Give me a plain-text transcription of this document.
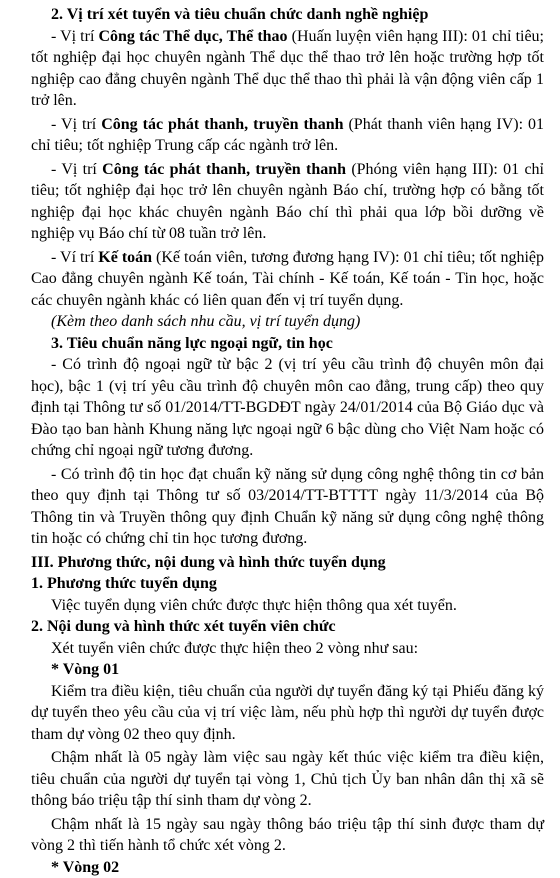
2. Vị trí xét tuyển và tiêu chuẩn chức danh nghề nghiệp

- Vị trí Công tác Thể dục, Thể thao (Huấn luyện viên hạng III): 01 chỉ tiêu; tốt nghiệp đại học chuyên ngành Thể dục thể thao trở lên hoặc trường hợp tốt nghiệp cao đẳng chuyên ngành Thể dục thể thao thì phải là vận động viên cấp 1 trở lên.

- Vị trí Công tác phát thanh, truyền thanh (Phát thanh viên hạng IV): 01 chỉ tiêu; tốt nghiệp Trung cấp các ngành trở lên.

- Vị trí Công tác phát thanh, truyền thanh (Phóng viên hạng III): 01 chỉ tiêu; tốt nghiệp đại học trở lên chuyên ngành Báo chí, trường hợp có bằng tốt nghiệp đại học khác chuyên ngành Báo chí thì phải qua lớp bồi dưỡng về nghiệp vụ Báo chí từ 08 tuần trở lên.

- Ví trí Kế toán (Kế toán viên, tương đương hạng IV): 01 chỉ tiêu; tốt nghiệp Cao đẳng chuyên ngành Kế toán, Tài chính - Kế toán, Kế toán - Tin học, hoặc các chuyên ngành khác có liên quan đến vị trí tuyển dụng.

(Kèm theo danh sách nhu cầu, vị trí tuyển dụng)

3. Tiêu chuẩn năng lực ngoại ngữ, tin học

- Có trình độ ngoại ngữ từ bậc 2 (vị trí yêu cầu trình độ chuyên môn đại học), bậc 1 (vị trí yêu cầu trình độ chuyên môn cao đẳng, trung cấp) theo quy định tại Thông tư số 01/2014/TT-BGDĐT ngày 24/01/2014 của Bộ Giáo dục và Đào tạo ban hành Khung năng lực ngoại ngữ 6 bậc dùng cho Việt Nam hoặc có chứng chỉ ngoại ngữ tương đương.

- Có trình độ tin học đạt chuẩn kỹ năng sử dụng công nghệ thông tin cơ bản theo quy định tại Thông tư số 03/2014/TT-BTTTT ngày 11/3/2014 của Bộ Thông tin và Truyền thông quy định Chuẩn kỹ năng sử dụng công nghệ thông tin hoặc có chứng chỉ tin học tương đương.

III. Phương thức, nội dung và hình thức tuyển dụng

1. Phương thức tuyển dụng

Việc tuyển dụng viên chức được thực hiện thông qua xét tuyển.

2. Nội dung và hình thức xét tuyển viên chức

Xét tuyển viên chức được thực hiện theo 2 vòng như sau:

* Vòng 01

Kiểm tra điều kiện, tiêu chuẩn của người dự tuyển đăng ký tại Phiếu đăng ký dự tuyển theo yêu cầu của vị trí việc làm, nếu phù hợp thì người dự tuyển được tham dự vòng 02 theo quy định.

Chậm nhất là 05 ngày làm việc sau ngày kết thúc việc kiểm tra điều kiện, tiêu chuẩn của người dự tuyển tại vòng 1, Chủ tịch Ủy ban nhân dân thị xã sẽ thông báo triệu tập thí sinh tham dự vòng 2.

Chậm nhất là 15 ngày sau ngày thông báo triệu tập thí sinh được tham dự vòng 2 thì tiến hành tổ chức xét vòng 2.

* Vòng 02
